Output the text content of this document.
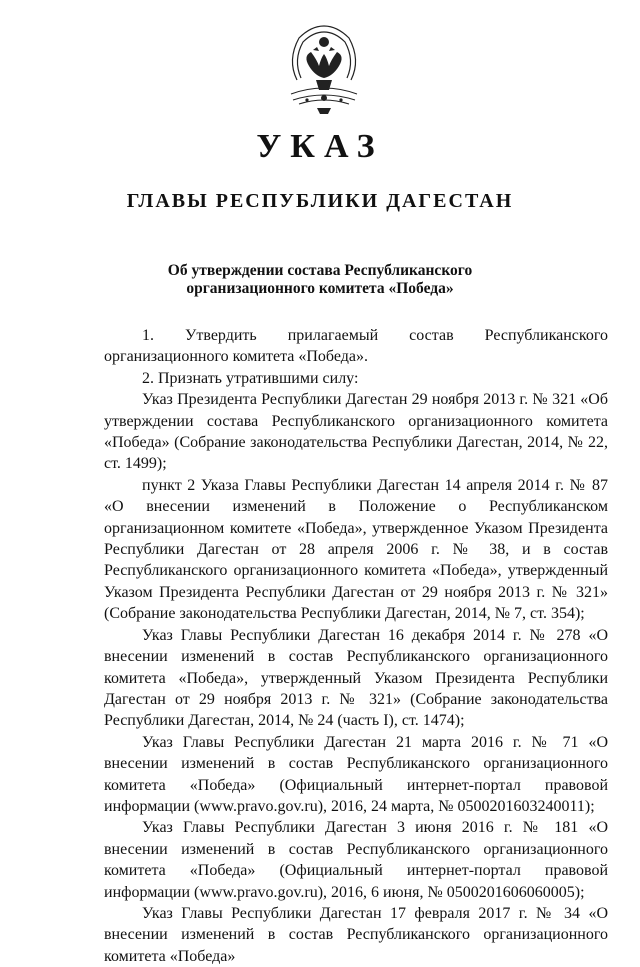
УКАЗ
ГЛАВЫ РЕСПУБЛИКИ ДАГЕСТАН
Об утверждении состава Республиканского
организационного комитета «Победа»

1. Утвердить прилагаемый состав Республиканского организационного комитета «Победа».

2. Признать утратившими силу:

Указ Президента Республики Дагестан 29 ноября 2013 г. № 321 «Об утверждении состава Республиканского организационного комитета «Победа» (Собрание законодательства Республики Дагестан, 2014, № 22, ст. 1499);

пункт 2 Указа Главы Республики Дагестан 14 апреля 2014 г. № 87 «О внесении изменений в Положение о Республиканском организационном комитете «Победа», утвержденное Указом Президента Республики Дагестан от 28 апреля 2006 г. № 38, и в состав Республиканского организационного комитета «Победа», утвержденный Указом Президента Республики Дагестан от 29 ноября 2013 г. № 321» (Собрание законодательства Республики Дагестан, 2014, № 7, ст. 354);

Указ Главы Республики Дагестан 16 декабря 2014 г. № 278 «О внесении изменений в состав Республиканского организационного комитета «Победа», утвержденный Указом Президента Республики Дагестан от 29 ноября 2013 г. № 321» (Собрание законодательства Республики Дагестан, 2014, № 24 (часть I), ст. 1474);

Указ Главы Республики Дагестан 21 марта 2016 г. № 71 «О внесении изменений в состав Республиканского организационного комитета «Победа» (Официальный интернет-портал правовой информации (www.pravo.gov.ru), 2016, 24 марта, № 0500201603240011);

Указ Главы Республики Дагестан 3 июня 2016 г. № 181 «О внесении изменений в состав Республиканского организационного комитета «Победа» (Официальный интернет-портал правовой информации (www.pravo.gov.ru), 2016, 6 июня, № 0500201606060005);

Указ Главы Республики Дагестан 17 февраля 2017 г. № 34 «О внесении изменений в состав Республиканского организационного комитета «Победа»
